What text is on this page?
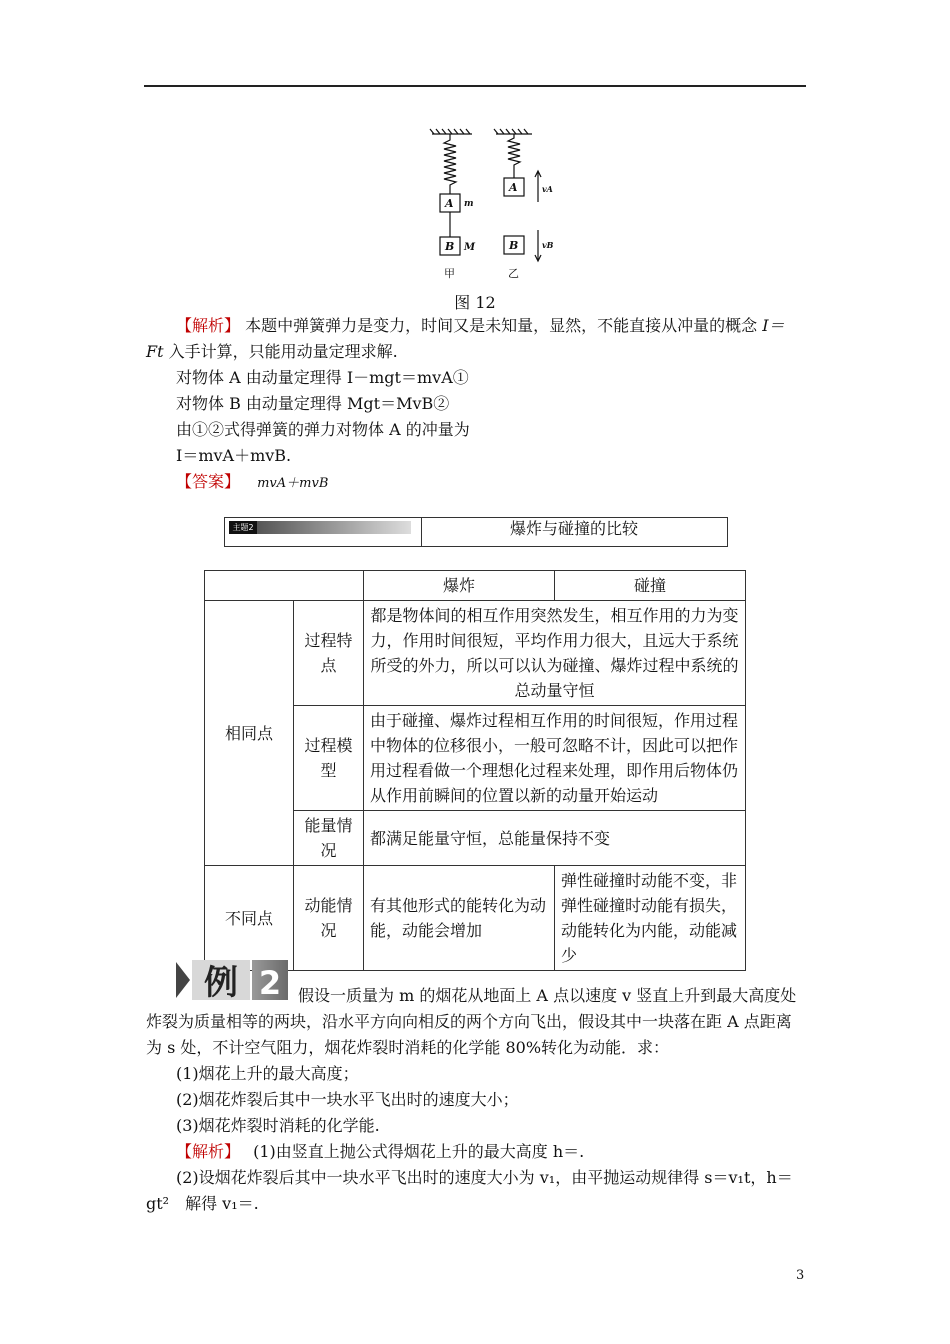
A m
B M
A
B
vA
vB
甲	乙
图 12
【解析】 本题中弹簧弹力是变力，时间又是未知量，显然，不能直接从冲量的概念 I＝
Ft 入手计算，只能用动量定理求解.
对物体 A 由动量定理得 I－mgt＝mvA①
对物体 B 由动量定理得 Mgt＝MvB②
由①②式得弹簧的弹力对物体 A 的冲量为
I＝mvA＋mvB.
【答案】 mvA＋mvB
主题2	爆炸与碰撞的比较
		爆炸	碰撞
相同点	过程特点	都是物体间的相互作用突然发生，相互作用的力为变力，作用时间很短，平均作用力很大，且远大于系统所受的外力，所以可以认为碰撞、爆炸过程中系统的总动量守恒	
	过程模型	由于碰撞、爆炸过程相互作用的时间很短，作用过程中物体的位移很小，一般可忽略不计，因此可以把作用过程看做一个理想化过程来处理，即作用后物体仍从作用前瞬间的位置以新的动量开始运动	
	能量情况	都满足能量守恒，总能量保持不变	
不同点	动能情况	有其他形式的能转化为动能，动能会增加	弹性碰撞时动能不变，非弹性碰撞时动能有损失，动能转化为内能，动能减少
例 2 假设一质量为 m 的烟花从地面上 A 点以速度 v 竖直上升到最大高度处
炸裂为质量相等的两块，沿水平方向向相反的两个方向飞出，假设其中一块落在距 A 点距离
为 s 处，不计空气阻力，烟花炸裂时消耗的化学能 80%转化为动能．求：
(1)烟花上升的最大高度；
(2)烟花炸裂后其中一块水平飞出时的速度大小；
(3)烟花炸裂时消耗的化学能.
【解析】 (1)由竖直上抛公式得烟花上升的最大高度 h＝.
(2)设烟花炸裂后其中一块水平飞出时的速度大小为 v₁，由平抛运动规律得 s＝v₁t，h＝
gt²　解得 v₁＝.
3
